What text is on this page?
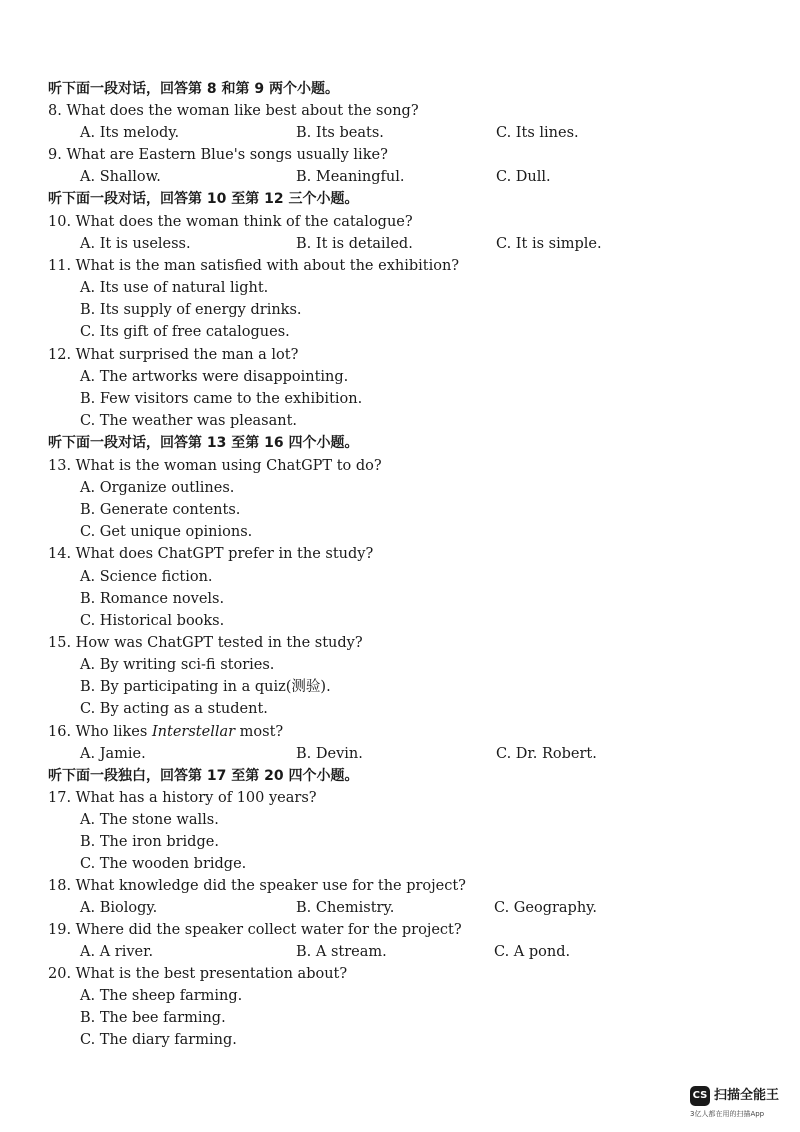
听下面一段对话，回答第 8 和第 9 两个小题。
8. What does the woman like best about the song?
A. Its melody.	B. Its beats.	C. Its lines.
9. What are Eastern Blue's songs usually like?
A. Shallow.	B. Meaningful.	C. Dull.
听下面一段对话，回答第 10 至第 12 三个小题。
10. What does the woman think of the catalogue?
A. It is useless.	B. It is detailed.	C. It is simple.
11. What is the man satisfied with about the exhibition?
A. Its use of natural light.
B. Its supply of energy drinks.
C. Its gift of free catalogues.
12. What surprised the man a lot?
A. The artworks were disappointing.
B. Few visitors came to the exhibition.
C. The weather was pleasant.
听下面一段对话，回答第 13 至第 16 四个小题。
13. What is the woman using ChatGPT to do?
A. Organize outlines.
B. Generate contents.
C. Get unique opinions.
14. What does ChatGPT prefer in the study?
A. Science fiction.
B. Romance novels.
C. Historical books.
15. How was ChatGPT tested in the study?
A. By writing sci-fi stories.
B. By participating in a quiz(测验).
C. By acting as a student.
16. Who likes Interstellar most?
A. Jamie.	B. Devin.	C. Dr. Robert.
听下面一段独白，回答第 17 至第 20 四个小题。
17. What has a history of 100 years?
A. The stone walls.
B. The iron bridge.
C. The wooden bridge.
18. What knowledge did the speaker use for the project?
A. Biology.	B. Chemistry.	C. Geography.
19. Where did the speaker collect water for the project?
A. A river.	B. A stream.	C. A pond.
20. What is the best presentation about?
A. The sheep farming.
B. The bee farming.
C. The diary farming.
CS 扫描全能王
3亿人都在用的扫描App
